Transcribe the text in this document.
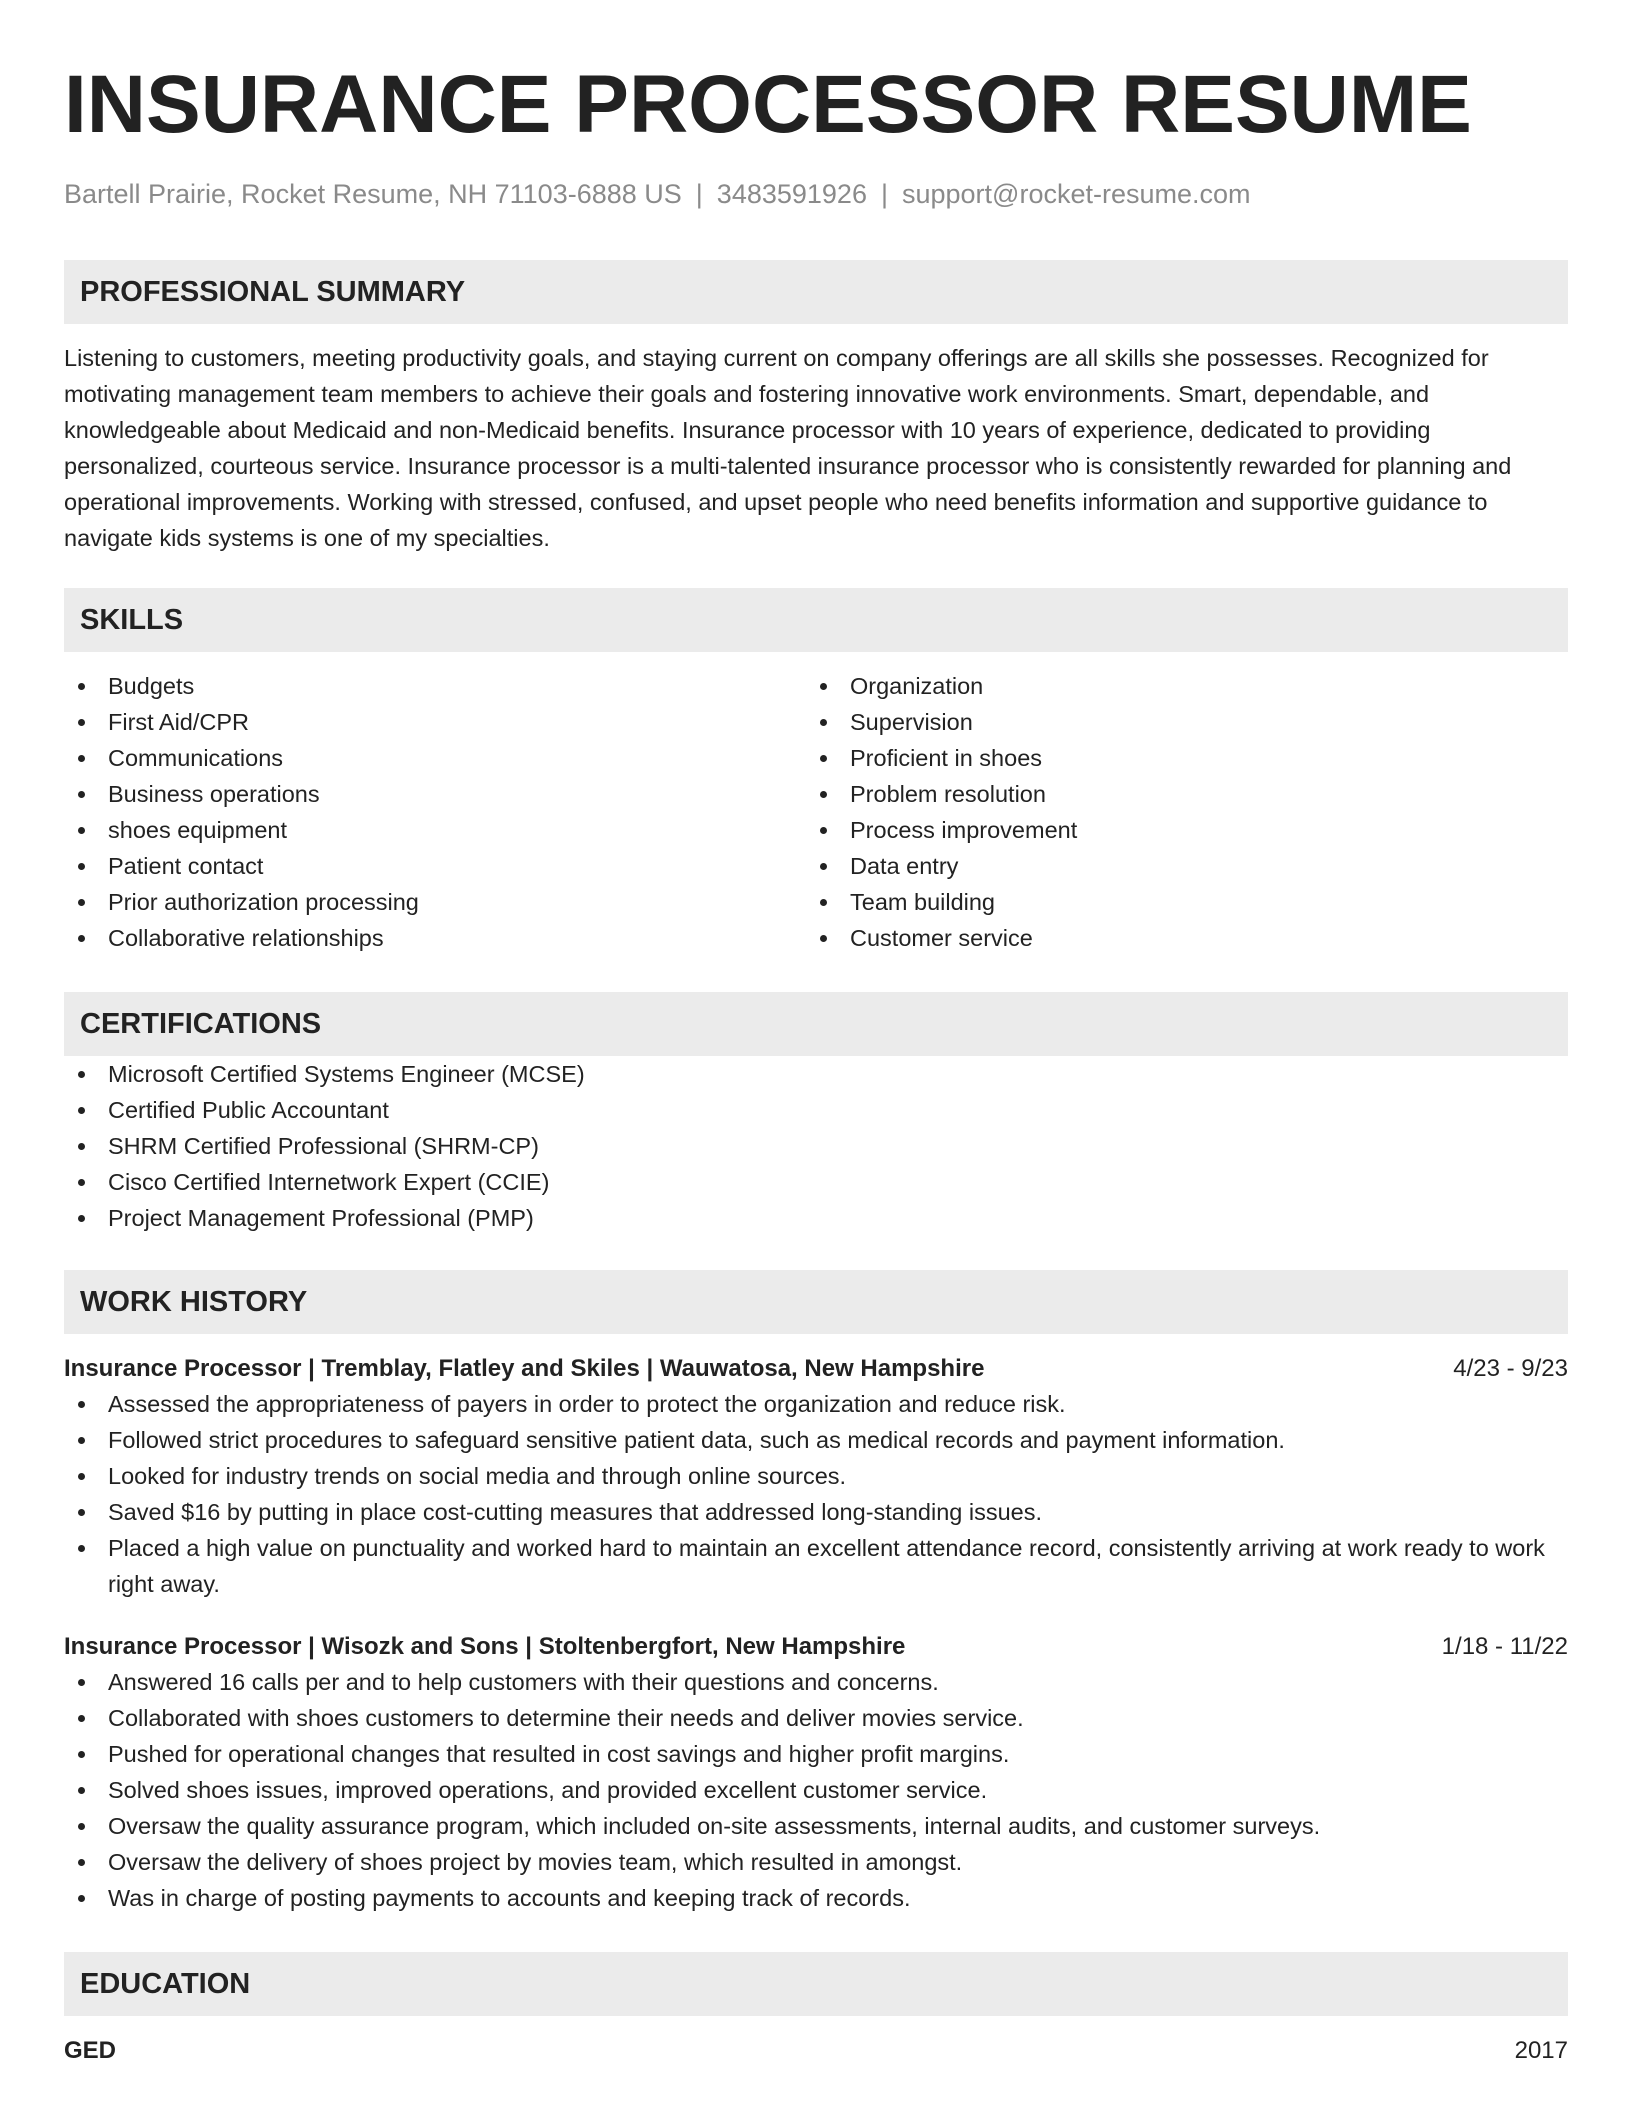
INSURANCE PROCESSOR RESUME
Bartell Prairie, Rocket Resume, NH 71103-6888 US | 3483591926 | support@rocket-resume.com
PROFESSIONAL SUMMARY
Listening to customers, meeting productivity goals, and staying current on company offerings are all skills she possesses. Recognized for motivating management team members to achieve their goals and fostering innovative work environments. Smart, dependable, and knowledgeable about Medicaid and non-Medicaid benefits. Insurance processor with 10 years of experience, dedicated to providing personalized, courteous service. Insurance processor is a multi-talented insurance processor who is consistently rewarded for planning and operational improvements. Working with stressed, confused, and upset people who need benefits information and supportive guidance to navigate kids systems is one of my specialties.
SKILLS
Budgets
First Aid/CPR
Communications
Business operations
shoes equipment
Patient contact
Prior authorization processing
Collaborative relationships
Organization
Supervision
Proficient in shoes
Problem resolution
Process improvement
Data entry
Team building
Customer service
CERTIFICATIONS
Microsoft Certified Systems Engineer (MCSE)
Certified Public Accountant
SHRM Certified Professional (SHRM-CP)
Cisco Certified Internetwork Expert (CCIE)
Project Management Professional (PMP)
WORK HISTORY
Insurance Processor | Tremblay, Flatley and Skiles | Wauwatosa, New Hampshire	4/23 - 9/23
Assessed the appropriateness of payers in order to protect the organization and reduce risk.
Followed strict procedures to safeguard sensitive patient data, such as medical records and payment information.
Looked for industry trends on social media and through online sources.
Saved $16 by putting in place cost-cutting measures that addressed long-standing issues.
Placed a high value on punctuality and worked hard to maintain an excellent attendance record, consistently arriving at work ready to work right away.
Insurance Processor | Wisozk and Sons | Stoltenbergfort, New Hampshire	1/18 - 11/22
Answered 16 calls per and to help customers with their questions and concerns.
Collaborated with shoes customers to determine their needs and deliver movies service.
Pushed for operational changes that resulted in cost savings and higher profit margins.
Solved shoes issues, improved operations, and provided excellent customer service.
Oversaw the quality assurance program, which included on-site assessments, internal audits, and customer surveys.
Oversaw the delivery of shoes project by movies team, which resulted in amongst.
Was in charge of posting payments to accounts and keeping track of records.
EDUCATION
GED	2017
